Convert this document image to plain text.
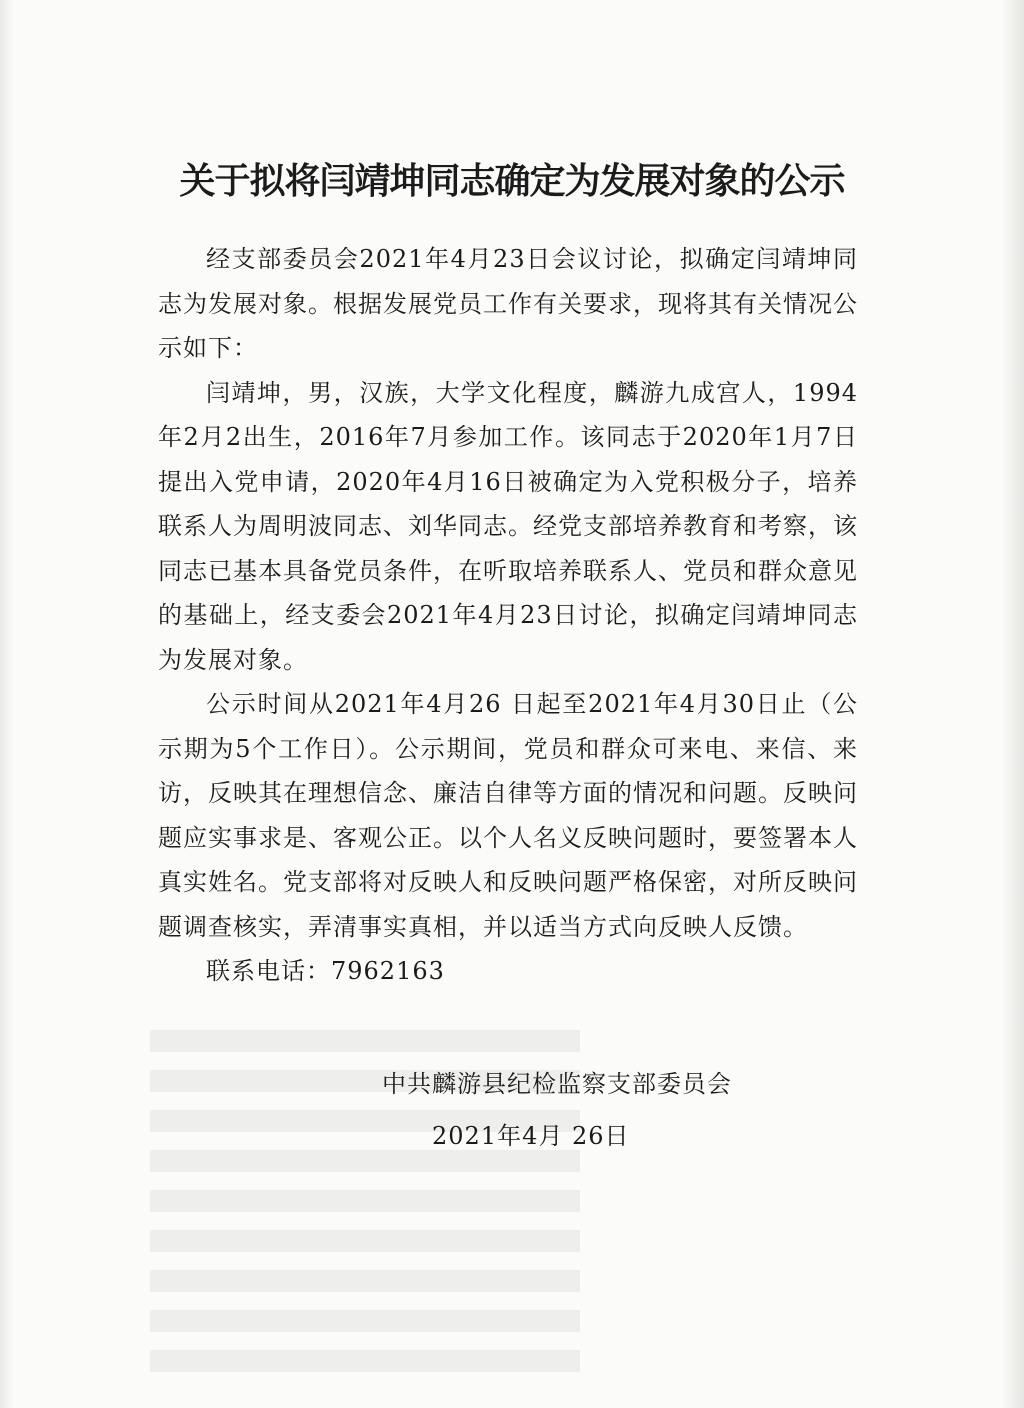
关于拟将闫靖坤同志确定为发展对象的公示

经支部委员会2021年4月23日会议讨论，拟确定闫靖坤同志为发展对象。根据发展党员工作有关要求，现将其有关情况公示如下：

闫靖坤，男，汉族，大学文化程度，麟游九成宫人，1994年2月2出生，2016年7月参加工作。该同志于2020年1月7日提出入党申请，2020年4月16日被确定为入党积极分子，培养联系人为周明波同志、刘华同志。经党支部培养教育和考察，该同志已基本具备党员条件，在听取培养联系人、党员和群众意见的基础上，经支委会2021年4月23日讨论，拟确定闫靖坤同志为发展对象。

公示时间从2021年4月26 日起至2021年4月30日止（公示期为5个工作日）。公示期间，党员和群众可来电、来信、来访，反映其在理想信念、廉洁自律等方面的情况和问题。反映问题应实事求是、客观公正。以个人名义反映问题时，要签署本人真实姓名。党支部将对反映人和反映问题严格保密，对所反映问题调查核实，弄清事实真相，并以适当方式向反映人反馈。

联系电话：7962163

中共麟游县纪检监察支部委员会
2021年4月 26日
